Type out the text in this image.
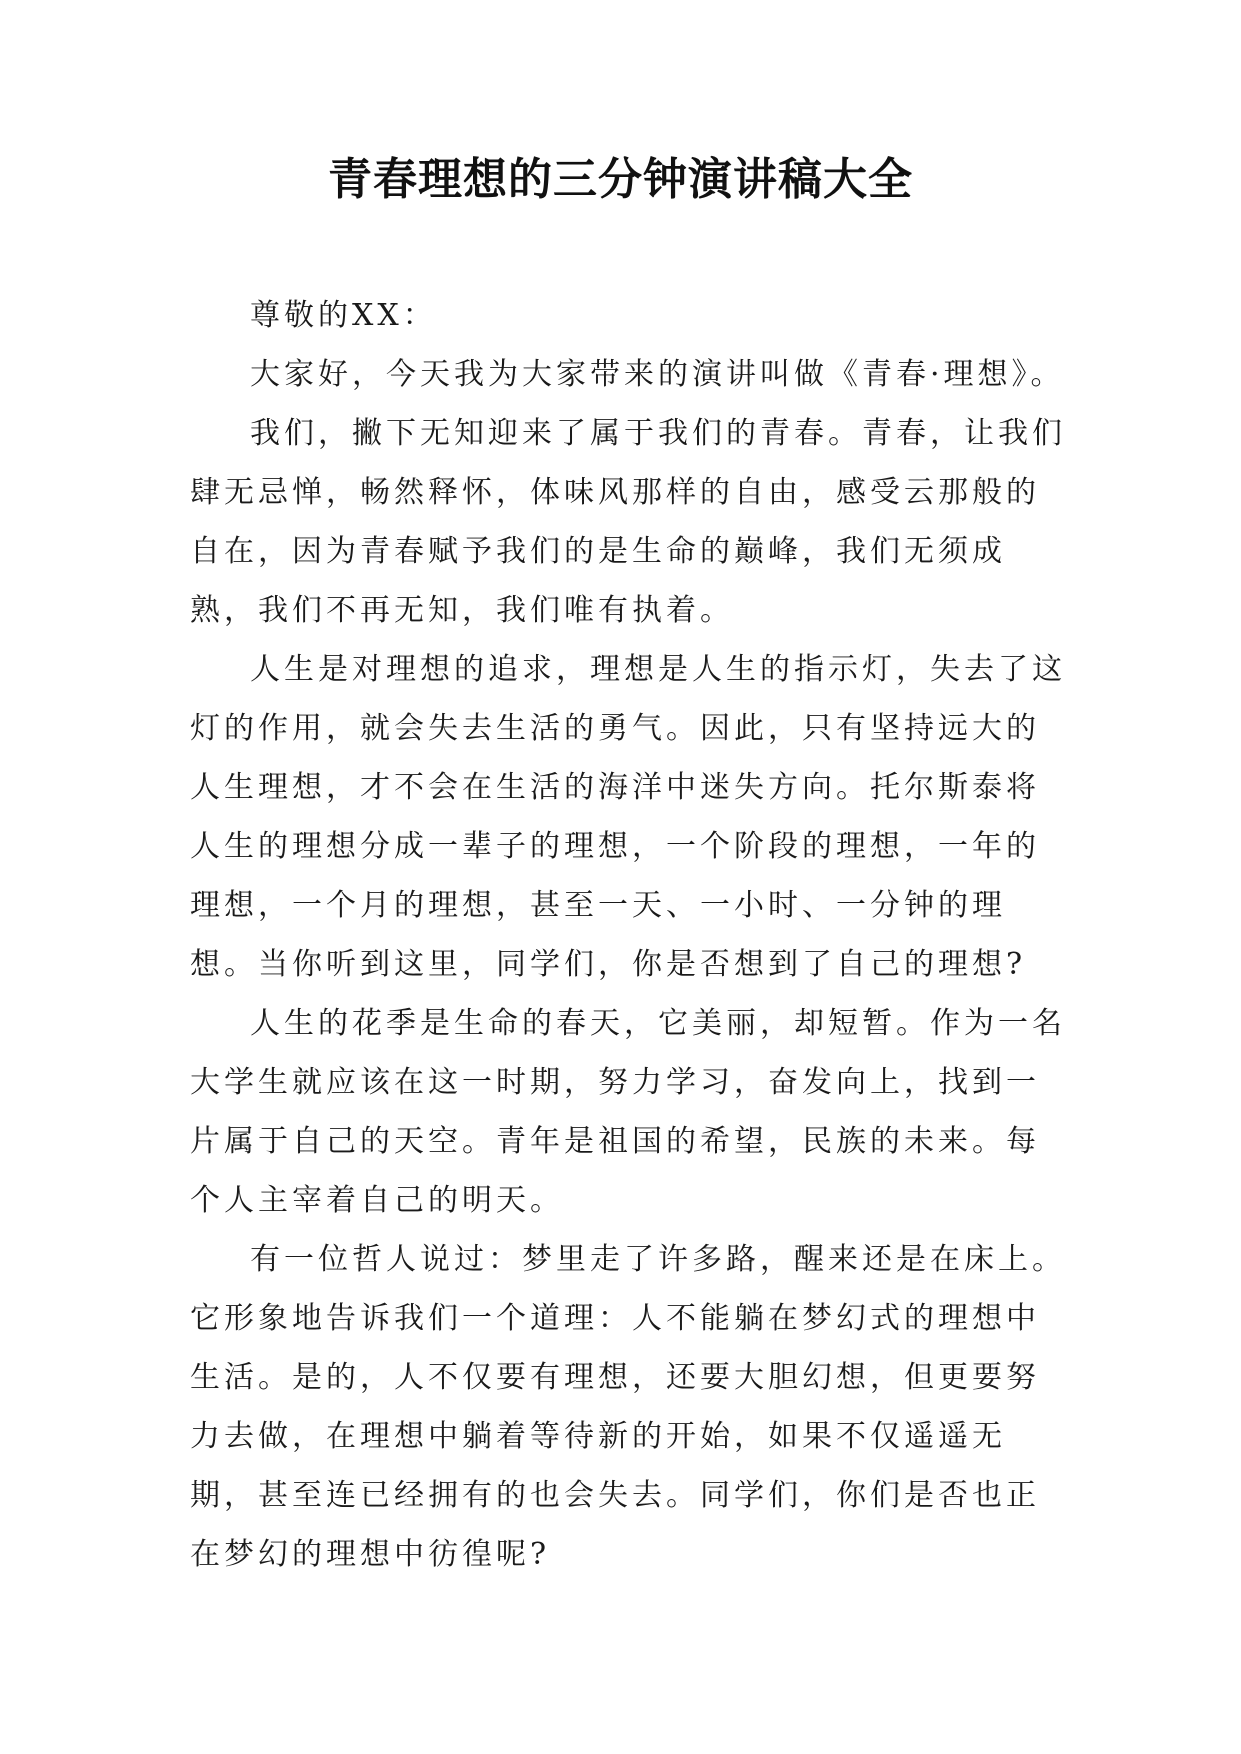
青春理想的三分钟演讲稿大全

尊敬的XX：

大家好，今天我为大家带来的演讲叫做《青春·理想》。

我们，撇下无知迎来了属于我们的青春。青春，让我们肆无忌惮，畅然释怀，体味风那样的自由，感受云那般的自在，因为青春赋予我们的是生命的巅峰，我们无须成熟，我们不再无知，我们唯有执着。

人生是对理想的追求，理想是人生的指示灯，失去了这灯的作用，就会失去生活的勇气。因此，只有坚持远大的人生理想，才不会在生活的海洋中迷失方向。托尔斯泰将人生的理想分成一辈子的理想，一个阶段的理想，一年的理想，一个月的理想，甚至一天、一小时、一分钟的理想。当你听到这里，同学们，你是否想到了自己的理想?

人生的花季是生命的春天，它美丽，却短暂。作为一名大学生就应该在这一时期，努力学习，奋发向上，找到一片属于自己的天空。青年是祖国的希望，民族的未来。每个人主宰着自己的明天。

有一位哲人说过：梦里走了许多路，醒来还是在床上。它形象地告诉我们一个道理：人不能躺在梦幻式的理想中生活。是的，人不仅要有理想，还要大胆幻想，但更要努力去做，在理想中躺着等待新的开始，如果不仅遥遥无期，甚至连已经拥有的也会失去。同学们，你们是否也正在梦幻的理想中彷徨呢?
